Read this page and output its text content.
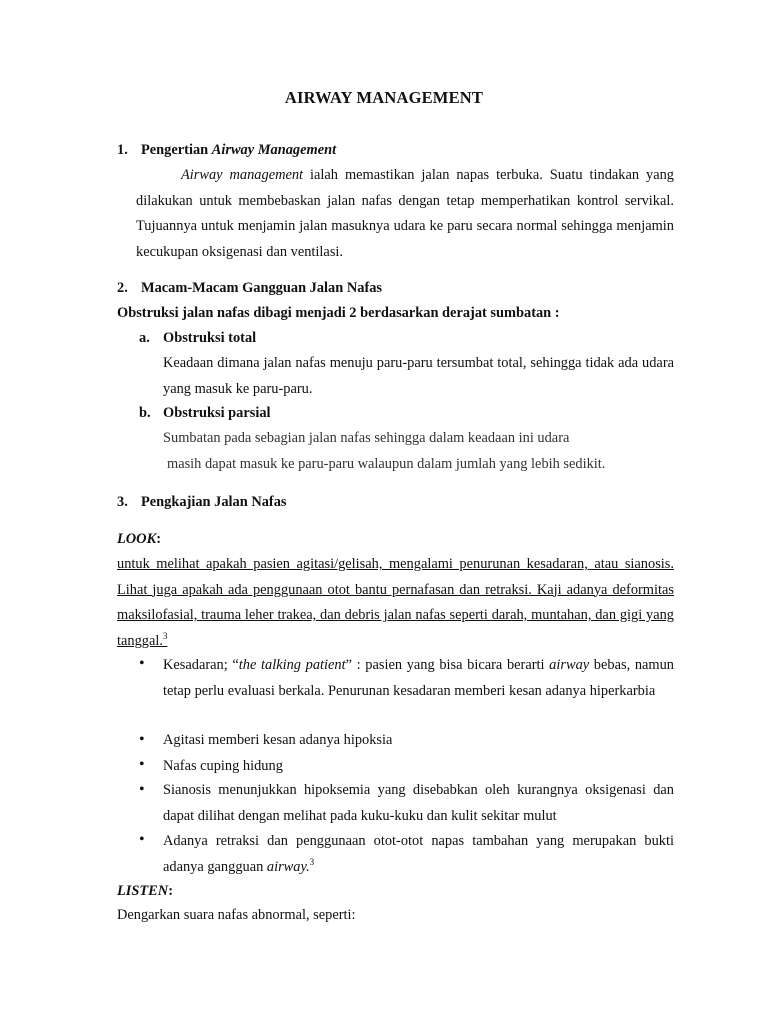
AIRWAY MANAGEMENT
1. Pengertian Airway Management
Airway management ialah memastikan jalan napas terbuka. Suatu tindakan yang dilakukan untuk membebaskan jalan nafas dengan tetap memperhatikan kontrol servikal. Tujuannya untuk menjamin jalan masuknya udara ke paru secara normal sehingga menjamin kecukupan oksigenasi dan ventilasi.
2. Macam-Macam Gangguan Jalan Nafas
Obstruksi jalan nafas dibagi menjadi 2 berdasarkan derajat sumbatan :
a. Obstruksi total
Keadaan dimana jalan nafas menuju paru-paru tersumbat total, sehingga tidak ada udara yang masuk ke paru-paru.
b. Obstruksi parsial
Sumbatan pada sebagian jalan nafas sehingga dalam keadaan ini udara
masih dapat masuk ke paru-paru walaupun dalam jumlah yang lebih sedikit.
3. Pengkajian Jalan Nafas
LOOK:
untuk melihat apakah pasien agitasi/gelisah, mengalami penurunan kesadaran, atau sianosis. Lihat juga apakah ada penggunaan otot bantu pernafasan dan retraksi. Kaji adanya deformitas maksilofasial, trauma leher trakea, dan debris jalan nafas seperti darah, muntahan, dan gigi yang tanggal.$^3$
• Kesadaran; “the talking patient” : pasien yang bisa bicara berarti airway bebas, namun tetap perlu evaluasi berkala. Penurunan kesadaran memberi kesan adanya hiperkarbia
• Agitasi memberi kesan adanya hipoksia
• Nafas cuping hidung
• Sianosis menunjukkan hipoksemia yang disebabkan oleh kurangnya oksigenasi dan dapat dilihat dengan melihat pada kuku-kuku dan kulit sekitar mulut
• Adanya retraksi dan penggunaan otot-otot napas tambahan yang merupakan bukti adanya gangguan airway.$^3$
LISTEN:
Dengarkan suara nafas abnormal, seperti:
